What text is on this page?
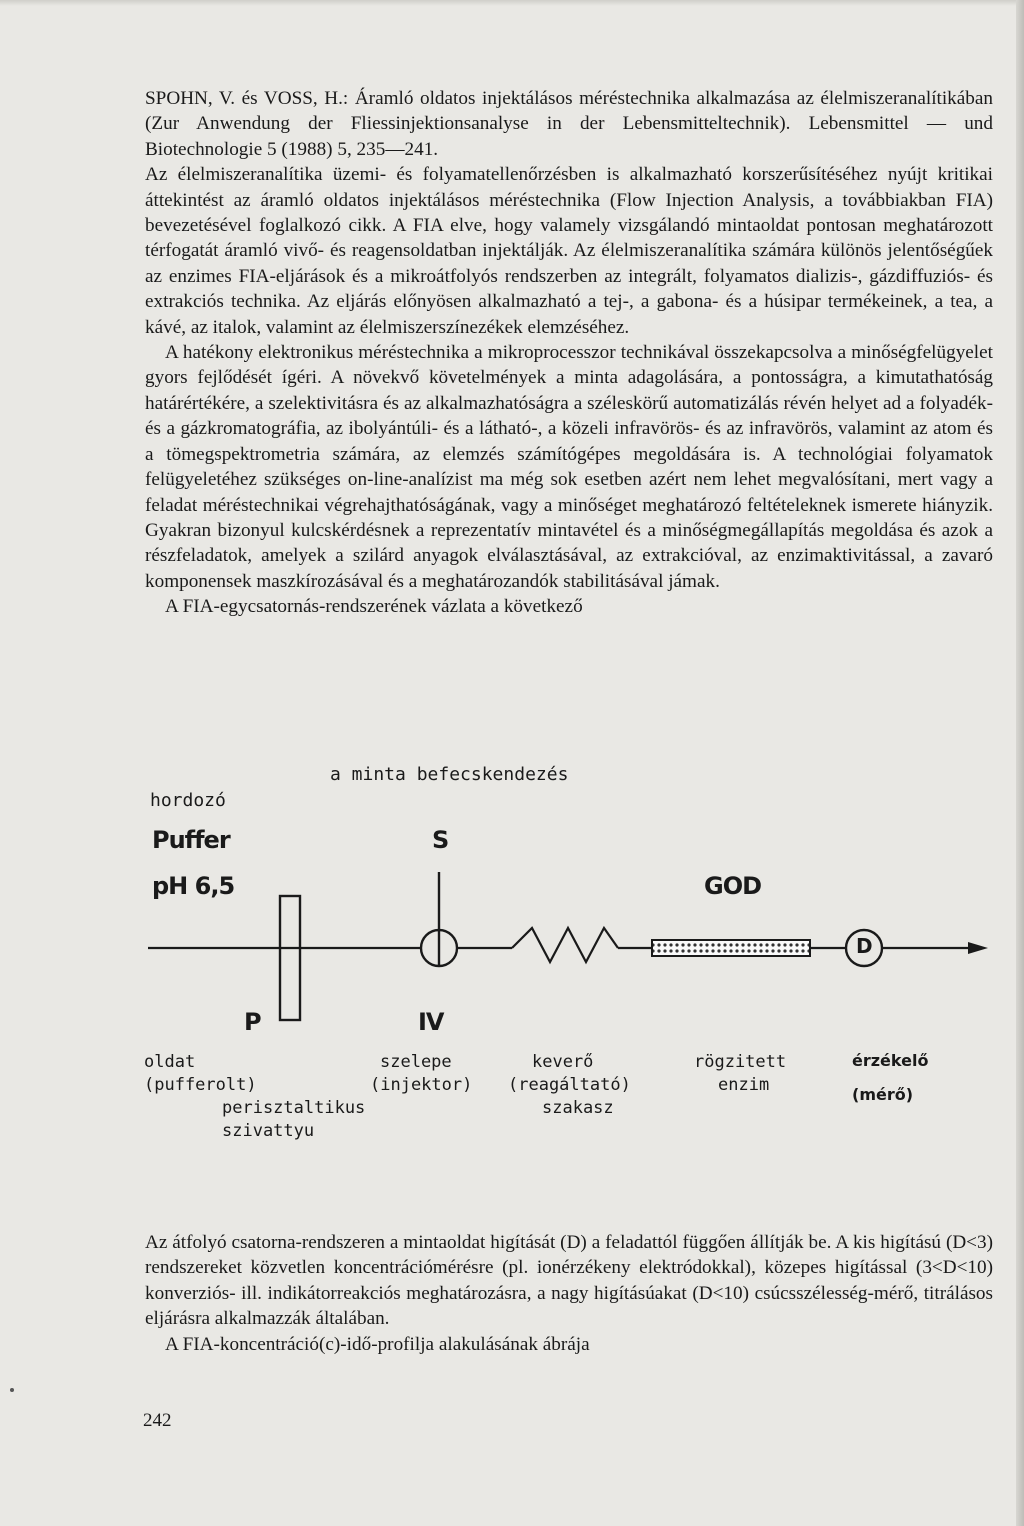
SPOHN, V. és VOSS, H.: Áramló oldatos injektálásos méréstechnika alkalmazása az élelmiszeranalítikában (Zur Anwendung der Fliessinjektionsanalyse in der Lebensmitteltechnik). Lebensmittel — und Biotechnologie 5 (1988) 5, 235—241.

Az élelmiszeranalítika üzemi- és folyamatellenőrzésben is alkalmazható korszerűsítéséhez nyújt kritikai áttekintést az áramló oldatos injektálásos méréstechnika (Flow Injection Analysis, a továbbiakban FIA) bevezetésével foglalkozó cikk. A FIA elve, hogy valamely vizsgálandó mintaoldat pontosan meghatározott térfogatát áramló vivő- és reagensoldatban injektálják. Az élelmiszeranalítika számára különös jelentőségűek az enzimes FIA-eljárások és a mikroátfolyós rendszerben az integrált, folyamatos dializis-, gázdiffuziós- és extrakciós technika. Az eljárás előnyösen alkalmazható a tej-, a gabona- és a húsipar termékeinek, a tea, a kávé, az italok, valamint az élelmiszerszínezékek elemzéséhez.

A hatékony elektronikus méréstechnika a mikroprocesszor technikával összekapcsolva a minőségfelügyelet gyors fejlődését ígéri. A növekvő követelmények a minta adagolására, a pontosságra, a kimutathatóság határértékére, a szelektivitásra és az alkalmazhatóságra a széleskörű automatizálás révén helyet ad a folyadék- és a gázkromatográfia, az ibolyántúli- és a látható-, a közeli infravörös- és az infravörös, valamint az atom és a tömegspektrometria számára, az elemzés számítógépes megoldására is. A technológiai folyamatok felügyeletéhez szükséges on-line-analízist ma még sok esetben azért nem lehet megvalósítani, mert vagy a feladat méréstechnikai végrehajthatóságának, vagy a minőséget meghatározó feltételeknek ismerete hiányzik. Gyakran bizonyul kulcskérdésnek a reprezentatív mintavétel és a minőségmegállapítás megoldása és azok a részfeladatok, amelyek a szilárd anyagok elválasztásával, az extrakcióval, az enzimaktivitással, a zavaró komponensek maszkírozásával és a meghatározandók stabilitásával jámak.

A FIA-egycsatornás-rendszerének vázlata a következő

a minta befecskendezés
hordozó
Puffer
pH 6,5
S
GOD
P	IV
D
oldat
(pufferolt)
perisztaltikus
szivattyu
szelepe
(injektor)
keverő
(reagáltató)
szakasz
rögzitett
enzim
érzékelő
(mérő)

Az átfolyó csatorna-rendszeren a mintaoldat higítását (D) a feladattól függően állítják be. A kis higítású (D<3) rendszereket közvetlen koncentrációmérésre (pl. ionérzékeny elektródokkal), közepes higítással (3<D<10) konverziós- ill. indikátorreakciós meghatározásra, a nagy higításúakat (D<10) csúcsszélesség-mérő, titrálásos eljárásra alkalmazzák általában.

A FIA-koncentráció(c)-idő-profilja alakulásának ábrája

242
